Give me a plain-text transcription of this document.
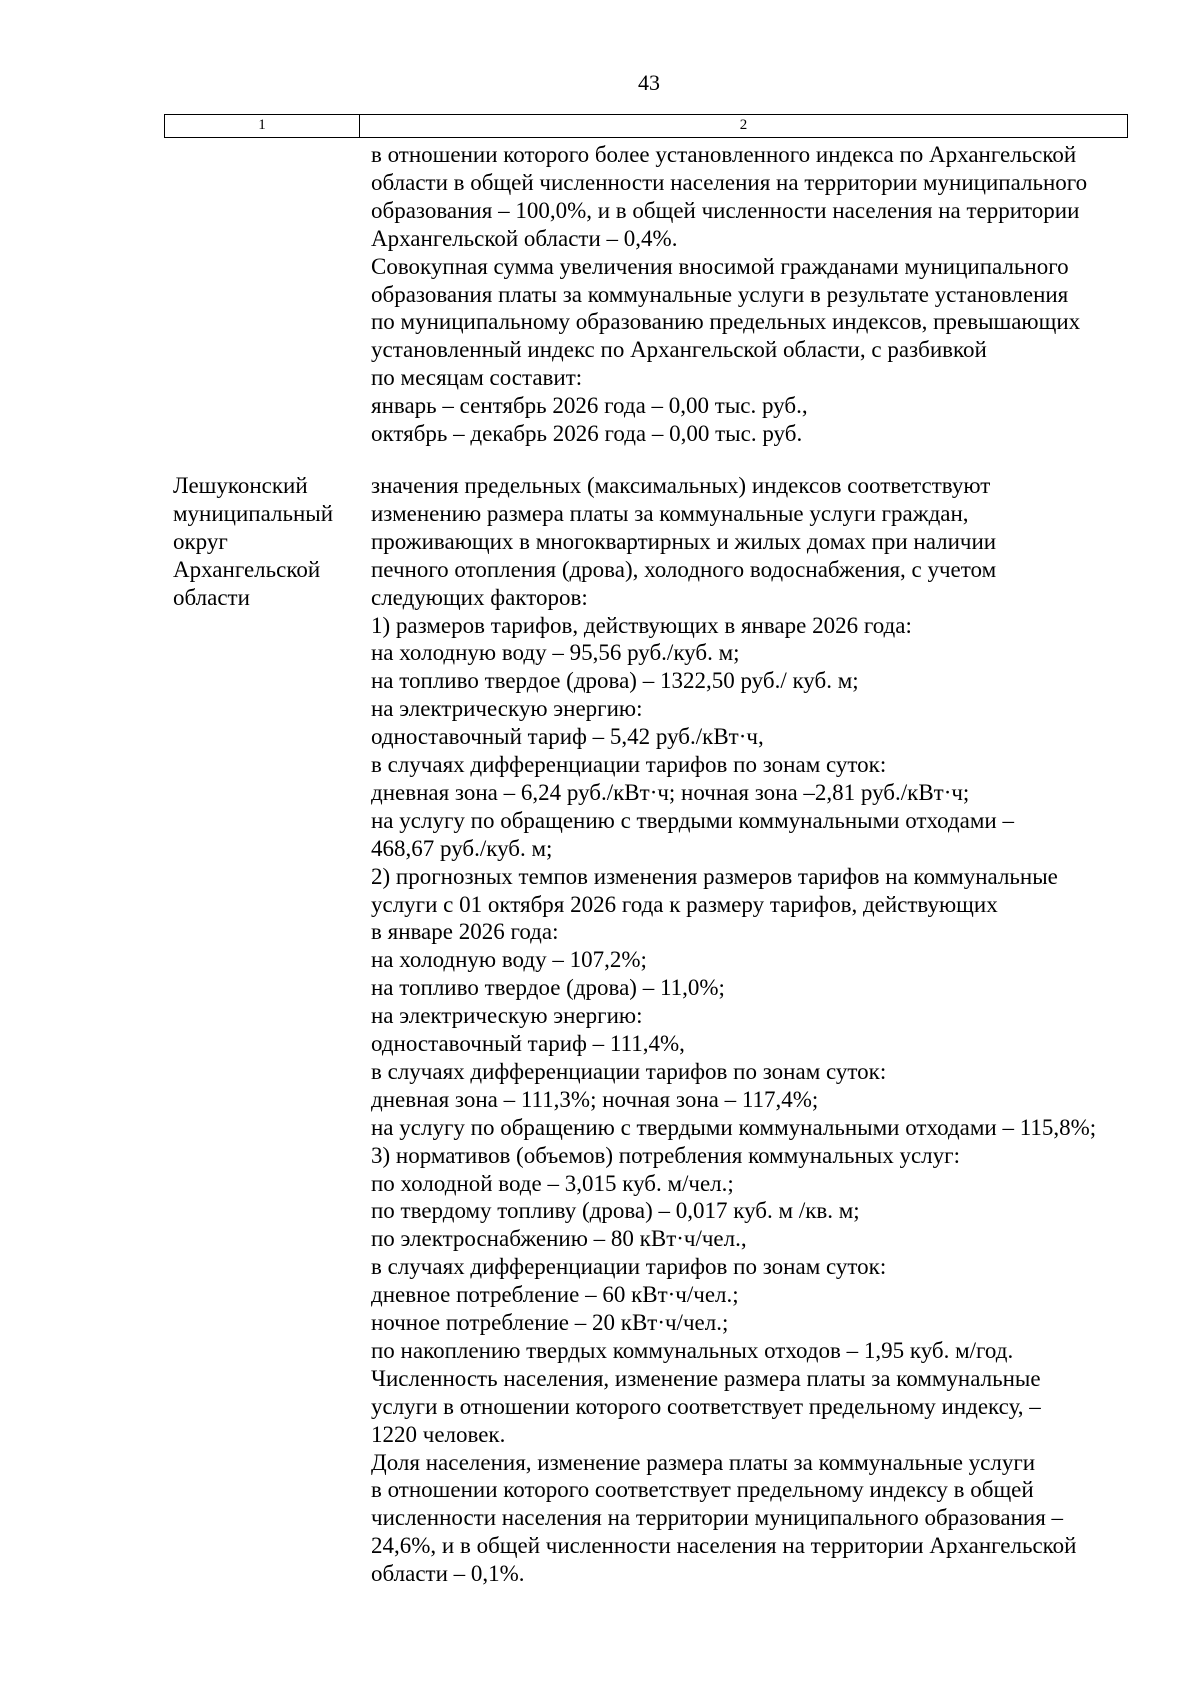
43
1	2
в отношении которого более установленного индекса по Архангельской
области в общей численности населения на территории муниципального
образования – 100,0%, и в общей численности населения на территории
Архангельской области – 0,4%.
Совокупная сумма увеличения вносимой гражданами муниципального
образования платы за коммунальные услуги в результате установления
по муниципальному образованию предельных индексов, превышающих
установленный индекс по Архангельской области, с разбивкой
по месяцам составит:
январь – сентябрь 2026 года – 0,00 тыс. руб.,
октябрь – декабрь 2026 года – 0,00 тыс. руб.
Лешуконский
муниципальный
округ
Архангельской
области
значения предельных (максимальных) индексов соответствуют
изменению размера платы за коммунальные услуги граждан,
проживающих в многоквартирных и жилых домах при наличии
печного отопления (дрова), холодного водоснабжения, с учетом
следующих факторов:
1) размеров тарифов, действующих в январе 2026 года:
на холодную воду – 95,56 руб./куб. м;
на топливо твердое (дрова) – 1322,50 руб./ куб. м;
на электрическую энергию:
одноставочный тариф – 5,42 руб./кВт·ч,
в случаях дифференциации тарифов по зонам суток:
дневная зона – 6,24 руб./кВт·ч; ночная зона –2,81 руб./кВт·ч;
на услугу по обращению с твердыми коммунальными отходами –
468,67 руб./куб. м;
2) прогнозных темпов изменения размеров тарифов на коммунальные
услуги с 01 октября 2026 года к размеру тарифов, действующих
в январе 2026 года:
на холодную воду – 107,2%;
на топливо твердое (дрова) – 11,0%;
на электрическую энергию:
одноставочный тариф – 111,4%,
в случаях дифференциации тарифов по зонам суток:
дневная зона – 111,3%; ночная зона – 117,4%;
на услугу по обращению с твердыми коммунальными отходами – 115,8%;
3) нормативов (объемов) потребления коммунальных услуг:
по холодной воде – 3,015 куб. м/чел.;
по твердому топливу (дрова) – 0,017 куб. м /кв. м;
по электроснабжению – 80 кВт·ч/чел.,
в случаях дифференциации тарифов по зонам суток:
дневное потребление – 60 кВт·ч/чел.;
ночное потребление – 20 кВт·ч/чел.;
по накоплению твердых коммунальных отходов – 1,95 куб. м/год.
Численность населения, изменение размера платы за коммунальные
услуги в отношении которого соответствует предельному индексу, –
1220 человек.
Доля населения, изменение размера платы за коммунальные услуги
в отношении которого соответствует предельному индексу в общей
численности населения на территории муниципального образования –
24,6%, и в общей численности населения на территории Архангельской
области – 0,1%.
